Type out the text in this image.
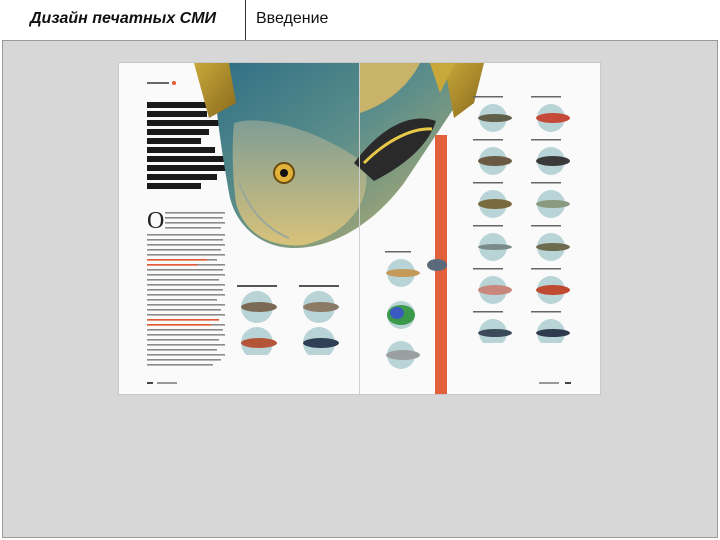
Дизайн печатных СМИ Введение
О
